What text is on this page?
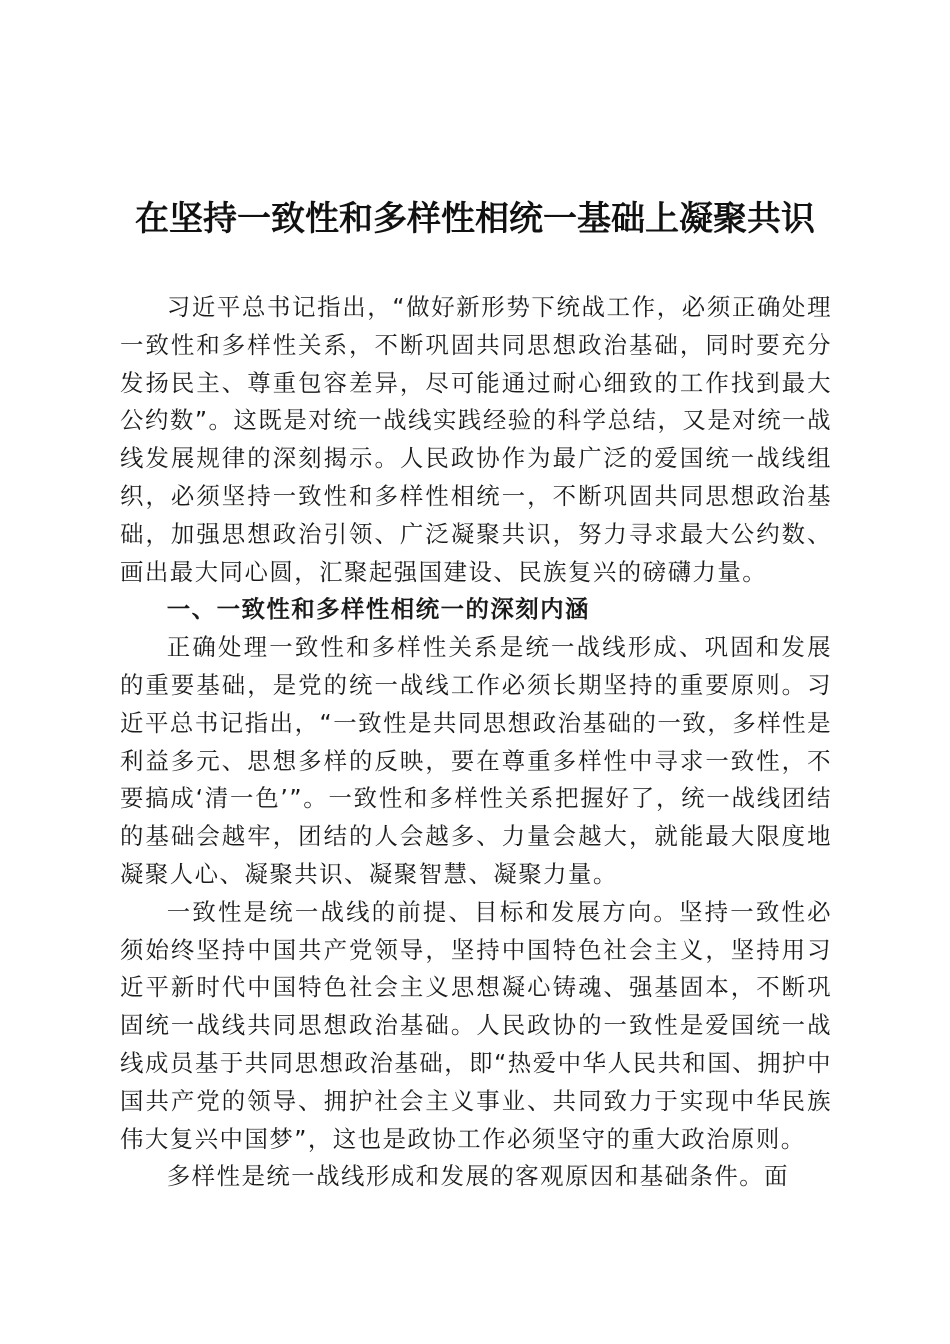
在坚持一致性和多样性相统一基础上凝聚共识

习近平总书记指出，“做好新形势下统战工作，必须正确处理一致性和多样性关系，不断巩固共同思想政治基础，同时要充分发扬民主、尊重包容差异，尽可能通过耐心细致的工作找到最大公约数”。这既是对统一战线实践经验的科学总结，又是对统一战线发展规律的深刻揭示。人民政协作为最广泛的爱国统一战线组织，必须坚持一致性和多样性相统一，不断巩固共同思想政治基础，加强思想政治引领、广泛凝聚共识，努力寻求最大公约数、画出最大同心圆，汇聚起强国建设、民族复兴的磅礴力量。

一、一致性和多样性相统一的深刻内涵

正确处理一致性和多样性关系是统一战线形成、巩固和发展的重要基础，是党的统一战线工作必须长期坚持的重要原则。习近平总书记指出，“一致性是共同思想政治基础的一致，多样性是利益多元、思想多样的反映，要在尊重多样性中寻求一致性，不要搞成‘清一色’”。一致性和多样性关系把握好了，统一战线团结的基础会越牢，团结的人会越多、力量会越大，就能最大限度地凝聚人心、凝聚共识、凝聚智慧、凝聚力量。

一致性是统一战线的前提、目标和发展方向。坚持一致性必须始终坚持中国共产党领导，坚持中国特色社会主义，坚持用习近平新时代中国特色社会主义思想凝心铸魂、强基固本，不断巩固统一战线共同思想政治基础。人民政协的一致性是爱国统一战线成员基于共同思想政治基础，即“热爱中华人民共和国、拥护中国共产党的领导、拥护社会主义事业、共同致力于实现中华民族伟大复兴中国梦”，这也是政协工作必须坚守的重大政治原则。

多样性是统一战线形成和发展的客观原因和基础条件。面
